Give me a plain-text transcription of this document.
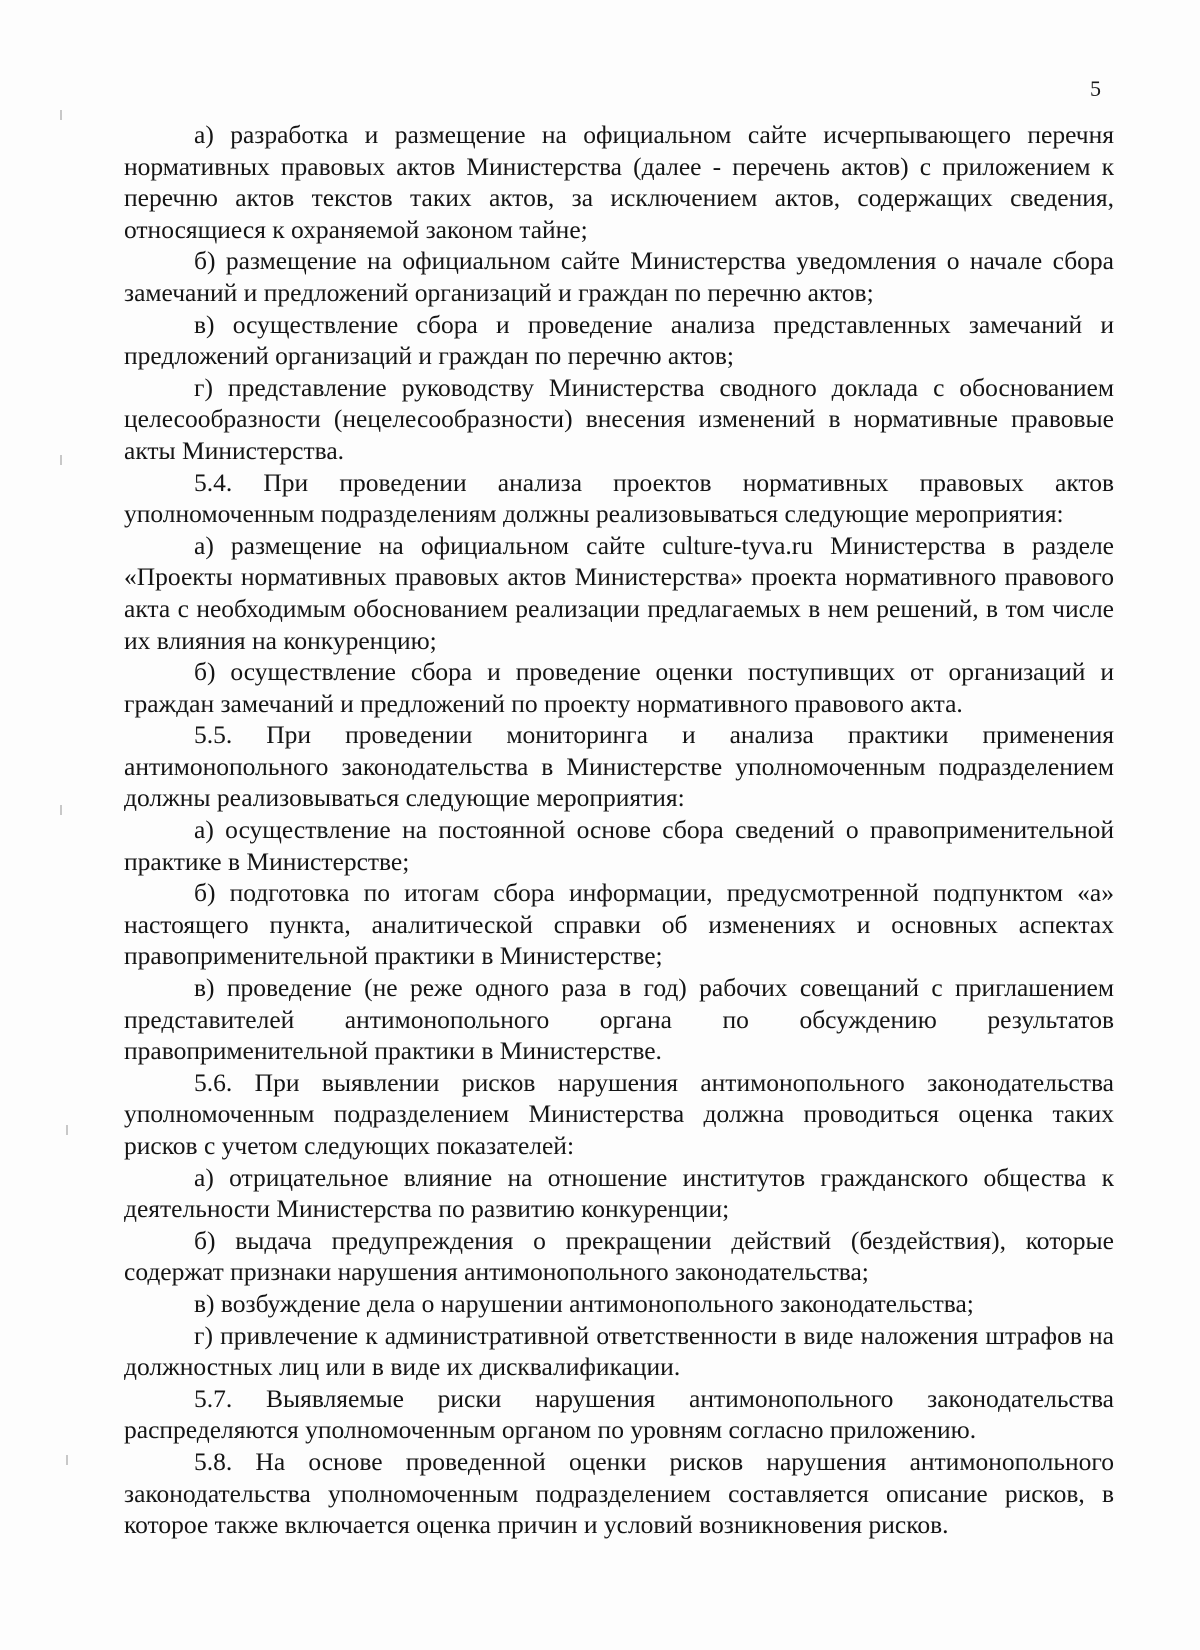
5

а) разработка и размещение на официальном сайте исчерпывающего перечня нормативных правовых актов Министерства (далее - перечень актов) с приложением к перечню актов текстов таких актов, за исключением актов, содержащих сведения, относящиеся к охраняемой законом тайне;

б) размещение на официальном сайте Министерства уведомления о начале сбора замечаний и предложений организаций и граждан по перечню актов;

в) осуществление сбора и проведение анализа представленных замечаний и предложений организаций и граждан по перечню актов;

г) представление руководству Министерства сводного доклада с обоснованием целесообразности (нецелесообразности) внесения изменений в нормативные правовые акты Министерства.

5.4. При проведении анализа проектов нормативных правовых актов уполномоченным подразделениям должны реализовываться следующие мероприятия:

а) размещение на официальном сайте culture-tyva.ru Министерства в разделе «Проекты нормативных правовых актов Министерства» проекта нормативного правового акта с необходимым обоснованием реализации предлагаемых в нем решений, в том числе их влияния на конкуренцию;

б) осуществление сбора и проведение оценки поступивщих от организаций и граждан замечаний и предложений по проекту нормативного правового акта.

5.5. При проведении мониторинга и анализа практики применения антимонопольного законодательства в Министерстве уполномоченным подразделением должны реализовываться следующие мероприятия:

а) осуществление на постоянной основе сбора сведений о правоприменительной практике в Министерстве;

б) подготовка по итогам сбора информации, предусмотренной подпунктом «а» настоящего пункта, аналитической справки об изменениях и основных аспектах правоприменительной практики в Министерстве;

в) проведение (не реже одного раза в год) рабочих совещаний с приглашением представителей антимонопольного органа по обсуждению результатов правоприменительной практики в Министерстве.

5.6. При выявлении рисков нарушения антимонопольного законодательства уполномоченным подразделением Министерства должна проводиться оценка таких рисков с учетом следующих показателей:

а) отрицательное влияние на отношение институтов гражданского общества к деятельности Министерства по развитию конкуренции;

б) выдача предупреждения о прекращении действий (бездействия), которые содержат признаки нарушения антимонопольного законодательства;

в) возбуждение дела о нарушении антимонопольного законодательства;

г) привлечение к административной ответственности в виде наложения штрафов на должностных лиц или в виде их дисквалификации.

5.7. Выявляемые риски нарушения антимонопольного законодательства распределяются уполномоченным органом по уровням согласно приложению.

5.8. На основе проведенной оценки рисков нарушения антимонопольного законодательства уполномоченным подразделением составляется описание рисков, в которое также включается оценка причин и условий возникновения рисков.
